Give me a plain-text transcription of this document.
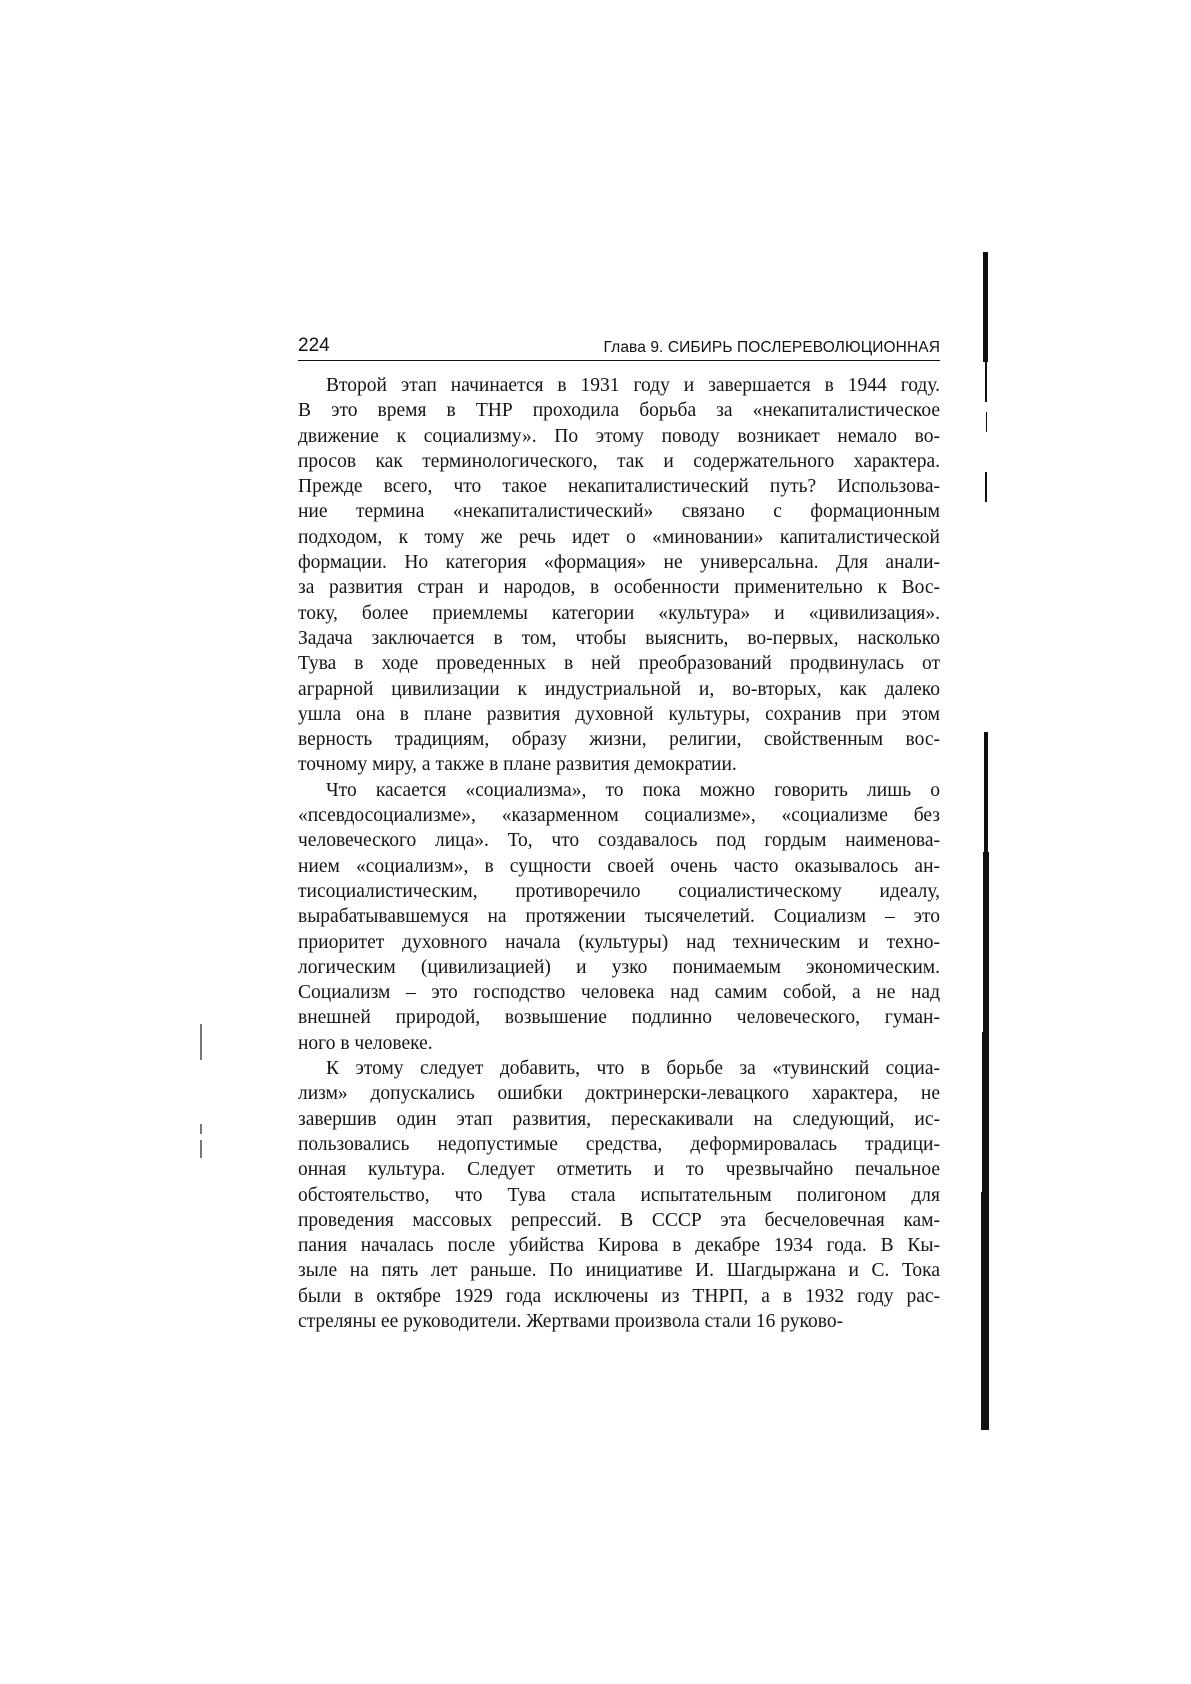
224	Глава 9. СИБИРЬ ПОСЛЕРЕВОЛЮЦИОННАЯ
Второй этап начинается в 1931 году и завершается в 1944 году.
В это время в ТНР проходила борьба за «некапиталистическое
движение к социализму». По этому поводу возникает немало во-
просов как терминологического, так и содержательного характера.
Прежде всего, что такое некапиталистический путь? Использова-
ние термина «некапиталистический» связано с формационным
подходом, к тому же речь идет о «миновании» капиталистической
формации. Но категория «формация» не универсальна. Для анали-
за развития стран и народов, в особенности применительно к Вос-
току, более приемлемы категории «культура» и «цивилизация».
Задача заключается в том, чтобы выяснить, во-первых, насколько
Тува в ходе проведенных в ней преобразований продвинулась от
аграрной цивилизации к индустриальной и, во-вторых, как далеко
ушла она в плане развития духовной культуры, сохранив при этом
верность традициям, образу жизни, религии, свойственным вос-
точному миру, а также в плане развития демократии.
Что касается «социализма», то пока можно говорить лишь о
«псевдосоциализме», «казарменном социализме», «социализме без
человеческого лица». То, что создавалось под гордым наименова-
нием «социализм», в сущности своей очень часто оказывалось ан-
тисоциалистическим, противоречило социалистическому идеалу,
вырабатывавшемуся на протяжении тысячелетий. Социализм – это
приоритет духовного начала (культуры) над техническим и техно-
логическим (цивилизацией) и узко понимаемым экономическим.
Социализм – это господство человека над самим собой, а не над
внешней природой, возвышение подлинно человеческого, гуман-
ного в человеке.
К этому следует добавить, что в борьбе за «тувинский социа-
лизм» допускались ошибки доктринерски-левацкого характера, не
завершив один этап развития, перескакивали на следующий, ис-
пользовались недопустимые средства, деформировалась традици-
онная культура. Следует отметить и то чрезвычайно печальное
обстоятельство, что Тува стала испытательным полигоном для
проведения массовых репрессий. В СССР эта бесчеловечная кам-
пания началась после убийства Кирова в декабре 1934 года. В Кы-
зыле на пять лет раньше. По инициативе И. Шагдыржана и С. Тока
были в октябре 1929 года исключены из ТНРП, а в 1932 году рас-
стреляны ее руководители. Жертвами произвола стали 16 руково-
